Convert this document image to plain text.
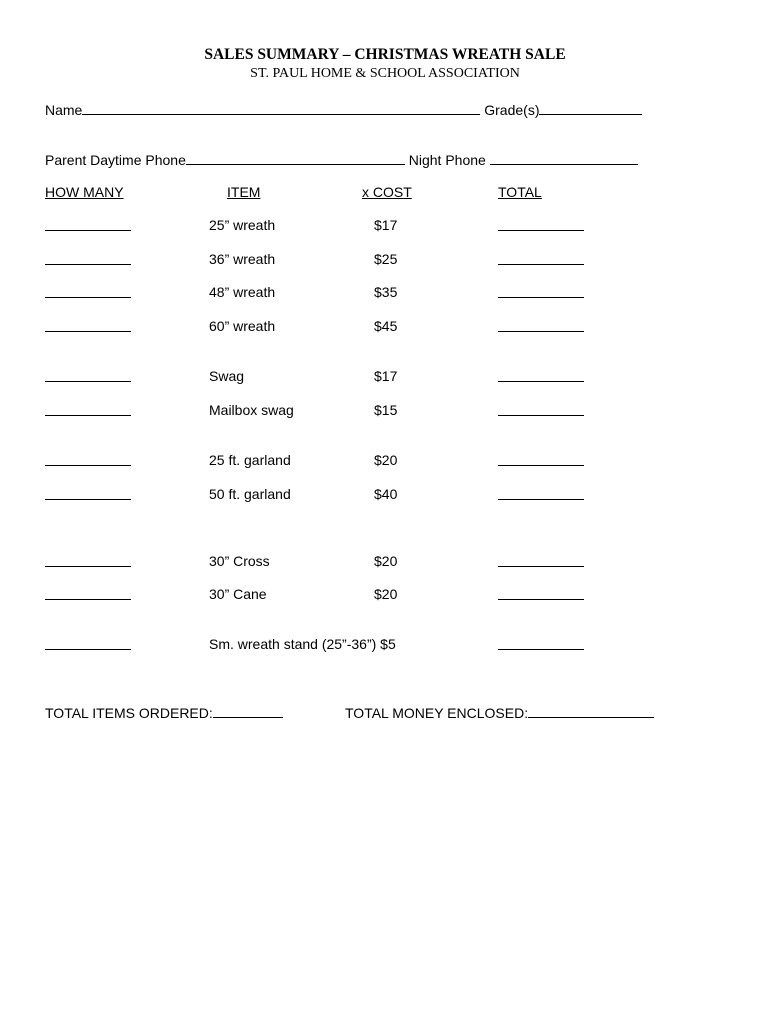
SALES SUMMARY – CHRISTMAS WREATH SALE
ST. PAUL HOME & SCHOOL ASSOCIATION
Name	Grade(s)
Parent Daytime Phone	Night Phone
HOW MANY	ITEM	x COST	TOTAL
25” wreath	$17
36” wreath	$25
48” wreath	$35
60” wreath	$45
Swag	$17
Mailbox swag	$15
25 ft. garland	$20
50 ft. garland	$40
30” Cross	$20
30” Cane	$20
Sm. wreath stand (25”-36”) $5
TOTAL ITEMS ORDERED:	TOTAL MONEY ENCLOSED:
